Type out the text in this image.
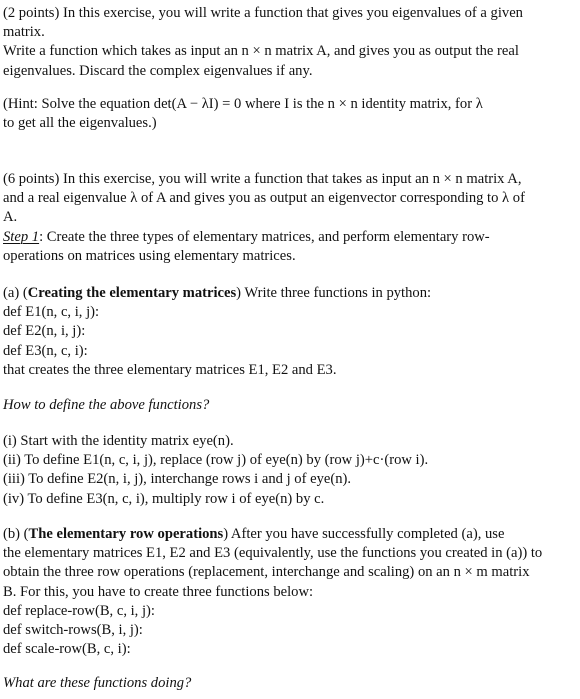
(2 points) In this exercise, you will write a function that gives you eigenvalues of a given
matrix.
Write a function which takes as input an n × n matrix A, and gives you as output the real
eigenvalues. Discard the complex eigenvalues if any.
(Hint: Solve the equation det(A − λI) = 0 where I is the n × n identity matrix, for λ
to get all the eigenvalues.)
(6 points) In this exercise, you will write a function that takes as input an n × n matrix A,
and a real eigenvalue λ of A and gives you as output an eigenvector corresponding to λ of
A.
Step 1: Create the three types of elementary matrices, and perform elementary row-
operations on matrices using elementary matrices.
(a) (Creating the elementary matrices) Write three functions in python:
def E1(n, c, i, j):
def E2(n, i, j):
def E3(n, c, i):
that creates the three elementary matrices E1, E2 and E3.
How to define the above functions?
(i) Start with the identity matrix eye(n).
(ii) To define E1(n, c, i, j), replace (row j) of eye(n) by (row j)+c·(row i).
(iii) To define E2(n, i, j), interchange rows i and j of eye(n).
(iv) To define E3(n, c, i), multiply row i of eye(n) by c.
(b) (The elementary row operations) After you have successfully completed (a), use
the elementary matrices E1, E2 and E3 (equivalently, use the functions you created in (a)) to
obtain the three row operations (replacement, interchange and scaling) on an n × m matrix
B. For this, you have to create three functions below:
def replace-row(B, c, i, j):
def switch-rows(B, i, j):
def scale-row(B, c, i):
What are these functions doing?
